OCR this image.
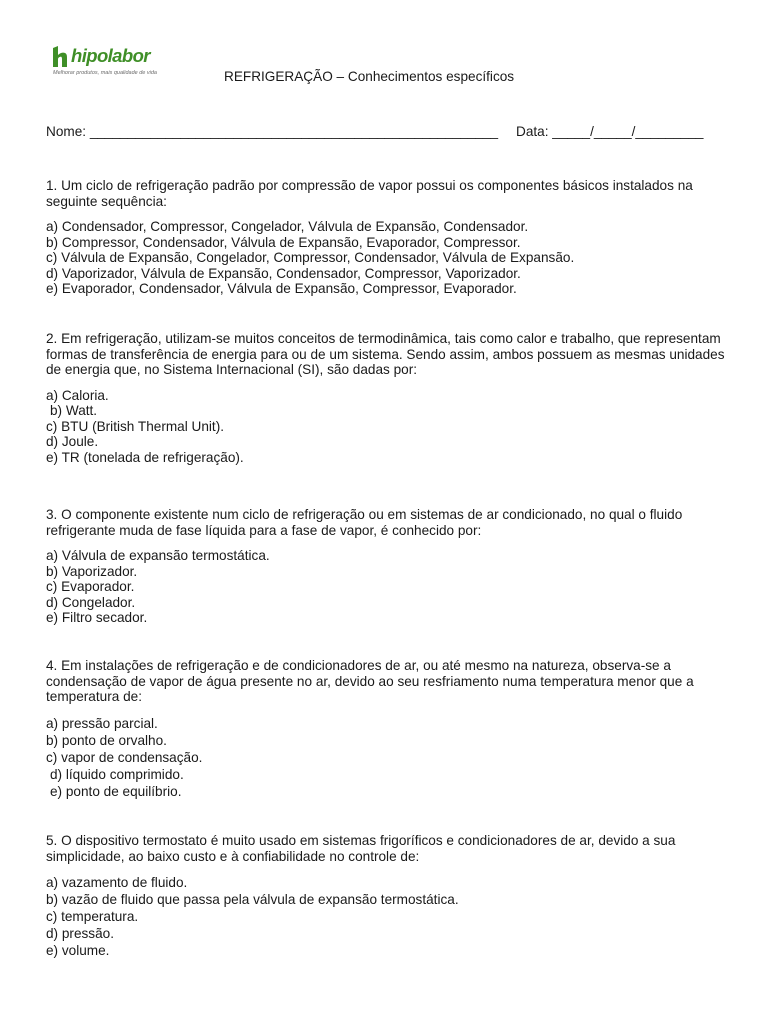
hipolabor
Melhorar produtos, mais qualidade de vida	REFRIGERAÇÃO – Conhecimentos específicos
Nome: ______________________________________________________ Data: _____/_____/_________

1. Um ciclo de refrigeração padrão por compressão de vapor possui os componentes básicos instalados na seguinte sequência:

a) Condensador, Compressor, Congelador, Válvula de Expansão, Condensador.
b) Compressor, Condensador, Válvula de Expansão, Evaporador, Compressor.
c) Válvula de Expansão, Congelador, Compressor, Condensador, Válvula de Expansão.
d) Vaporizador, Válvula de Expansão, Condensador, Compressor, Vaporizador.
e) Evaporador, Condensador, Válvula de Expansão, Compressor, Evaporador.

2. Em refrigeração, utilizam-se muitos conceitos de termodinâmica, tais como calor e trabalho, que representam formas de transferência de energia para ou de um sistema. Sendo assim, ambos possuem as mesmas unidades de energia que, no Sistema Internacional (SI), são dadas por:

a) Caloria.
b) Watt.
c) BTU (British Thermal Unit).
d) Joule.
e) TR (tonelada de refrigeração).

3. O componente existente num ciclo de refrigeração ou em sistemas de ar condicionado, no qual o fluido refrigerante muda de fase líquida para a fase de vapor, é conhecido por:

a) Válvula de expansão termostática.
b) Vaporizador.
c) Evaporador.
d) Congelador.
e) Filtro secador.

4. Em instalações de refrigeração e de condicionadores de ar, ou até mesmo na natureza, observa-se a condensação de vapor de água presente no ar, devido ao seu resfriamento numa temperatura menor que a temperatura de:

a) pressão parcial.
b) ponto de orvalho.
c) vapor de condensação.
d) líquido comprimido.
e) ponto de equilíbrio.

5. O dispositivo termostato é muito usado em sistemas frigoríficos e condicionadores de ar, devido a sua simplicidade, ao baixo custo e à confiabilidade no controle de:

a) vazamento de fluido.
b) vazão de fluido que passa pela válvula de expansão termostática.
c) temperatura.
d) pressão.
e) volume.
